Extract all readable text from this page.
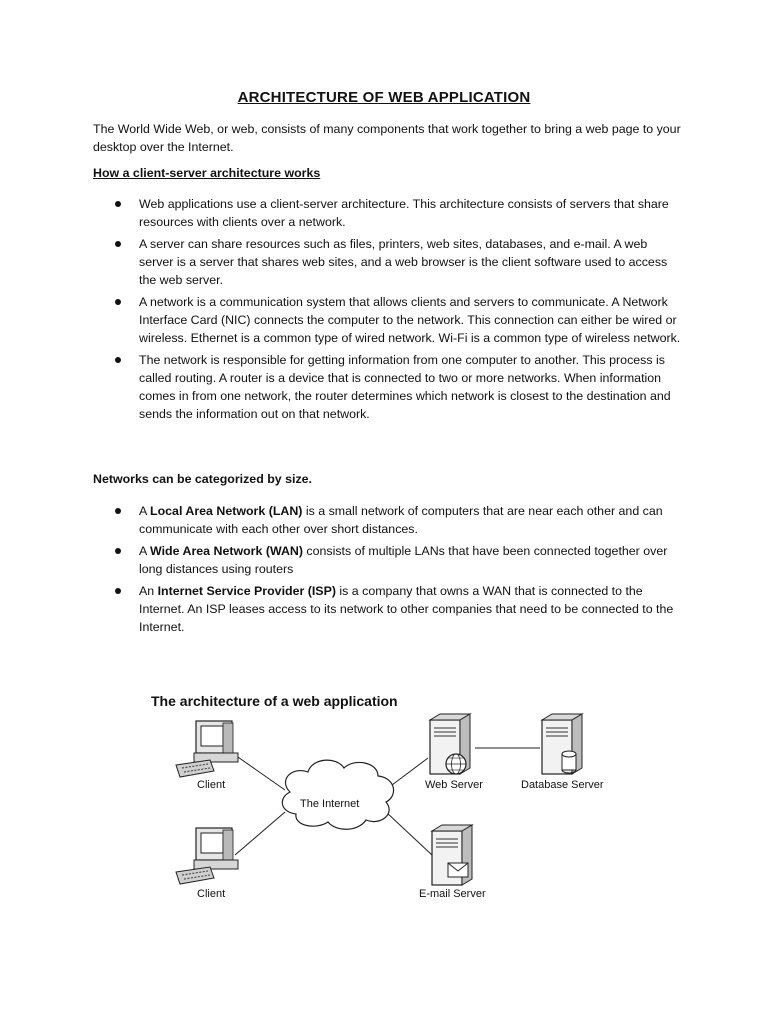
ARCHITECTURE OF WEB APPLICATION
The World Wide Web, or web, consists of many components that work together to bring a web page to your desktop over the Internet.
How a client-server architecture works
Web applications use a client-server architecture. This architecture consists of servers that share resources with clients over a network.
A server can share resources such as files, printers, web sites, databases, and e-mail. A web server is a server that shares web sites, and a web browser is the client software used to access the web server.
A network is a communication system that allows clients and servers to communicate. A Network Interface Card (NIC) connects the computer to the network. This connection can either be wired or wireless. Ethernet is a common type of wired network. Wi-Fi is a common type of wireless network.
The network is responsible for getting information from one computer to another. This process is called routing. A router is a device that is connected to two or more networks. When information comes in from one network, the router determines which network is closest to the destination and sends the information out on that network.
Networks can be categorized by size.
A Local Area Network (LAN) is a small network of computers that are near each other and can communicate with each other over short distances.
A Wide Area Network (WAN) consists of multiple LANs that have been connected together over long distances using routers
An Internet Service Provider (ISP) is a company that owns a WAN that is connected to the Internet. An ISP leases access to its network to other companies that need to be connected to the Internet.
The architecture of a web application
Client
Client
The Internet
Web Server	Database Server
E-mail Server
